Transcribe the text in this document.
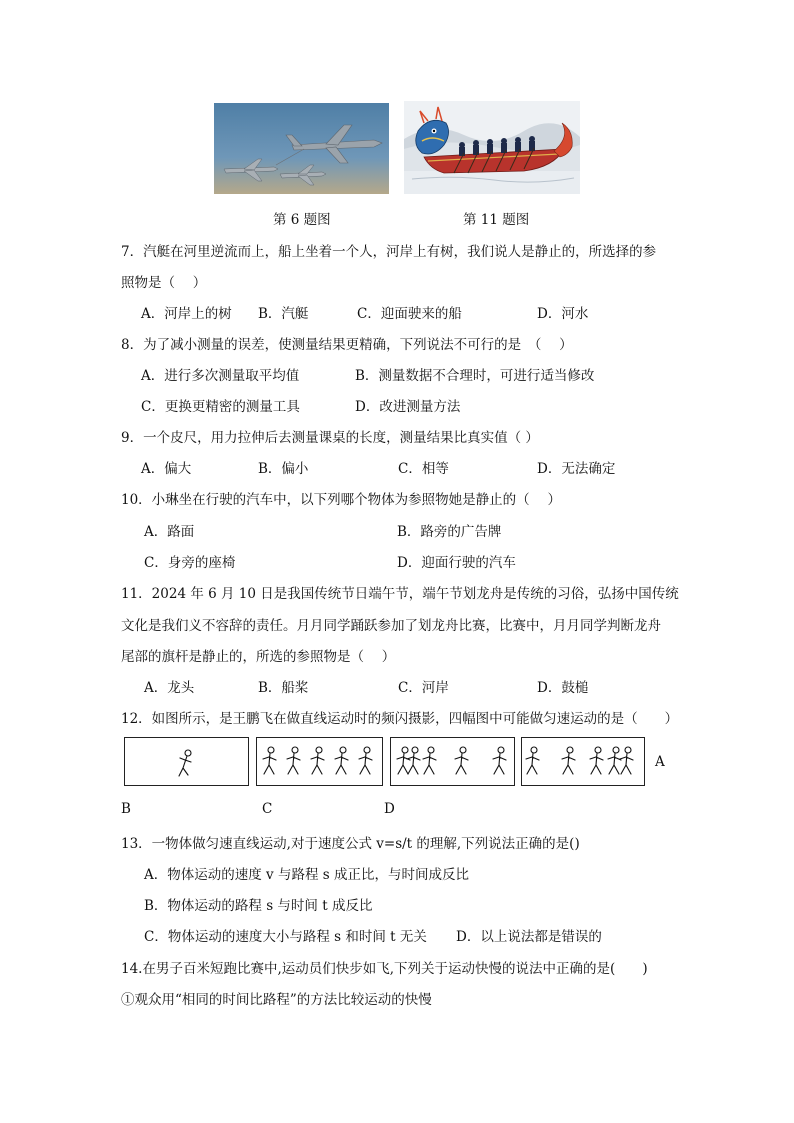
第 6 题图	第 11 题图
7．汽艇在河里逆流而上，船上坐着一个人，河岸上有树，我们说人是静止的，所选择的参
照物是（　 ）
A．河岸上的树 B．汽艇	C．迎面驶来的船	D．河水
8．为了减小测量的误差，使测量结果更精确，下列说法不可行的是　（　 ）
A．进行多次测量取平均值	B．测量数据不合理时，可进行适当修改
C．更换更精密的测量工具	D．改进测量方法
9．一个皮尺，用力拉伸后去测量课桌的长度，测量结果比真实值（ ）
A．偏大	B．偏小	C．相等	D．无法确定
10．小琳坐在行驶的汽车中，以下列哪个物体为参照物她是静止的（　 ）
A．路面	B．路旁的广告牌
C．身旁的座椅	D．迎面行驶的汽车
11．2024 年 6 月 10 日是我国传统节日端午节，端午节划龙舟是传统的习俗，弘扬中国传统
文化是我们义不容辞的责任。月月同学踊跃参加了划龙舟比赛，比赛中，月月同学判断龙舟
尾部的旗杆是静止的，所选的参照物是（　 ）
A．龙头	B．船桨	C．河岸	D．鼓槌
12．如图所示，是王鹏飞在做直线运动时的频闪摄影，四幅图中可能做匀速运动的是（　　）
A
B	C	D
13．一物体做匀速直线运动,对于速度公式 v=s/t 的理解,下列说法正确的是()
A．物体运动的速度 v 与路程 s 成正比，与时间成反比
B．物体运动的路程 s 与时间 t 成反比
C．物体运动的速度大小与路程 s 和时间 t 无关 D．以上说法都是错误的
14.在男子百米短跑比赛中,运动员们快步如飞,下列关于运动快慢的说法中正确的是(　　)
①观众用“相同的时间比路程”的方法比较运动的快慢
